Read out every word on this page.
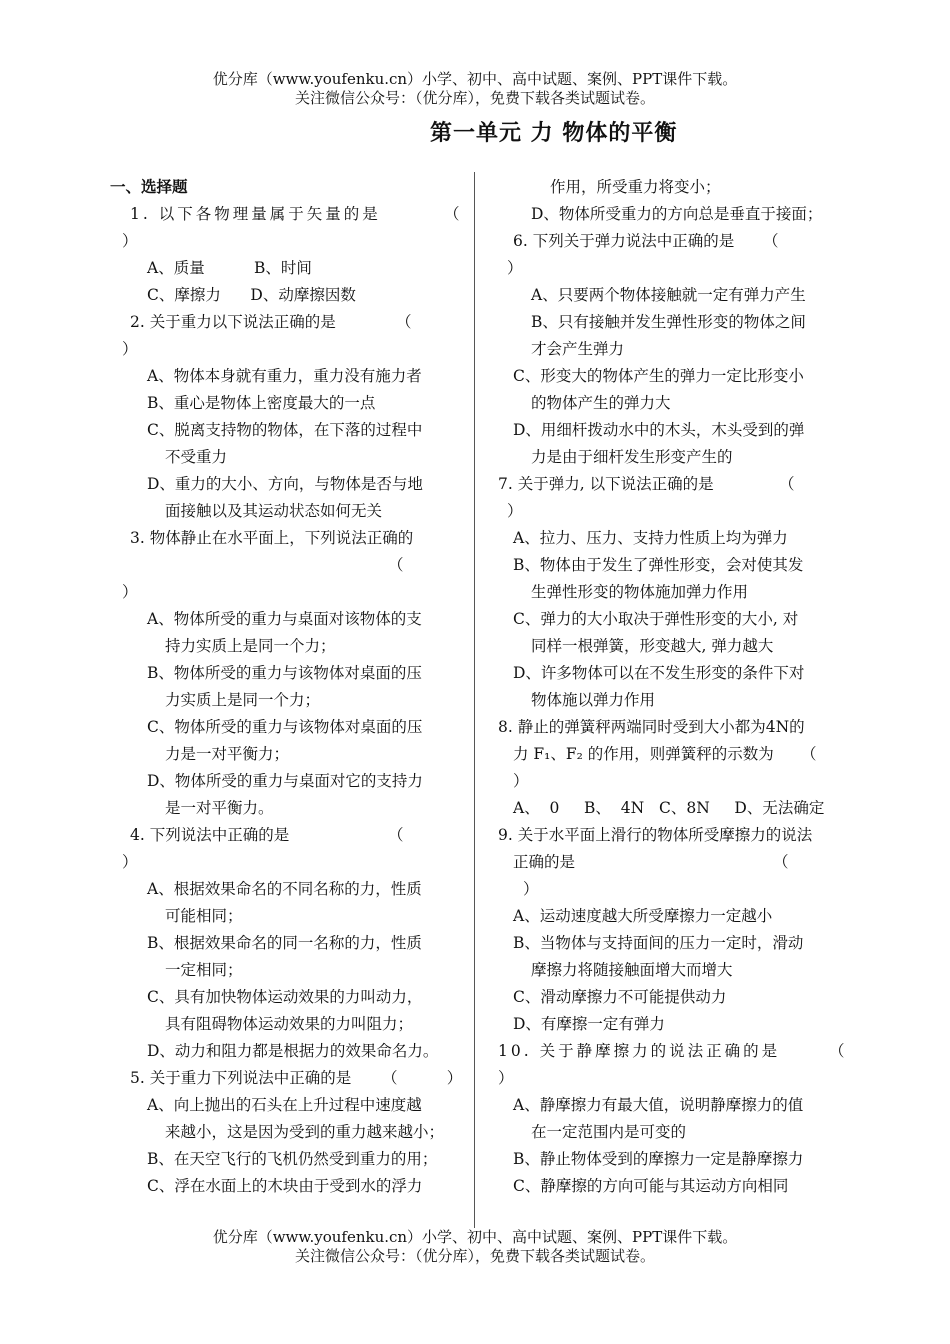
优分库（www.youfenku.cn）小学、初中、高中试题、案例、PPT课件下载。
关注微信公众号：（优分库），免费下载各类试题试卷。
第一单元 力 物体的平衡
一、选择题
1. 以下各物理量属于矢量的是	（
）
A、质量          B、时间
C、摩擦力      D、动摩擦因数
2. 关于重力以下说法正确的是	（
）
A、物体本身就有重力，重力没有施力者
B、重心是物体上密度最大的一点
C、脱离支持物的物体，在下落的过程中
不受重力
D、重力的大小、方向，与物体是否与地
面接触以及其运动状态如何无关
3. 物体静止在水平面上，下列说法正确的
（
）
A、物体所受的重力与桌面对该物体的支
持力实质上是同一个力；
B、物体所受的重力与该物体对桌面的压
力实质上是同一个力；
C、物体所受的重力与该物体对桌面的压
力是一对平衡力；
D、物体所受的重力与桌面对它的支持力
是一对平衡力。
4. 下列说法中正确的是	（
）
A、根据效果命名的不同名称的力，性质
可能相同；
B、根据效果命名的同一名称的力，性质
一定相同；
C、具有加快物体运动效果的力叫动力，
具有阻碍物体运动效果的力叫阻力；
D、动力和阻力都是根据力的效果命名力。
5. 关于重力下列说法中正确的是 （          ）
A、向上抛出的石头在上升过程中速度越
来越小，这是因为受到的重力越来越小；
B、在天空飞行的飞机仍然受到重力的用；
C、浮在水面上的木块由于受到水的浮力
作用，所受重力将变小；
D、物体所受重力的方向总是垂直于接面；
6. 下列关于弹力说法中正确的是 （
）
A、只要两个物体接触就一定有弹力产生
B、只有接触并发生弹性形变的物体之间
才会产生弹力
C、形变大的物体产生的弹力一定比形变小
的物体产生的弹力大
D、用细杆拨动水中的木头，木头受到的弹
力是由于细杆发生形变产生的
7. 关于弹力, 以下说法正确的是	（
）
A、拉力、压力、支持力性质上均为弹力
B、物体由于发生了弹性形变，会对使其发
生弹性形变的物体施加弹力作用
C、弹力的大小取决于弹性形变的大小, 对
同样一根弹簧，形变越大, 弹力越大
D、许多物体可以在不发生形变的条件下对
物体施以弹力作用
8. 静止的弹簧秤两端同时受到大小都为4N的
力 F₁、F₂ 的作用，则弹簧秤的示数为 （
）
A、  0     B、  4N   C、8N     D、无法确定
9. 关于水平面上滑行的物体所受摩擦力的说法
正确的是	（
）
A、运动速度越大所受摩擦力一定越小
B、当物体与支持面间的压力一定时，滑动
摩擦力将随接触面增大而增大
C、滑动摩擦力不可能提供动力
D、有摩擦一定有弹力
10. 关于静摩擦力的说法正确的是	（
）
A、静摩擦力有最大值，说明静摩擦力的值
在一定范围内是可变的
B、静止物体受到的摩擦力一定是静摩擦力
C、静摩擦的方向可能与其运动方向相同
优分库（www.youfenku.cn）小学、初中、高中试题、案例、PPT课件下载。
关注微信公众号：（优分库），免费下载各类试题试卷。
